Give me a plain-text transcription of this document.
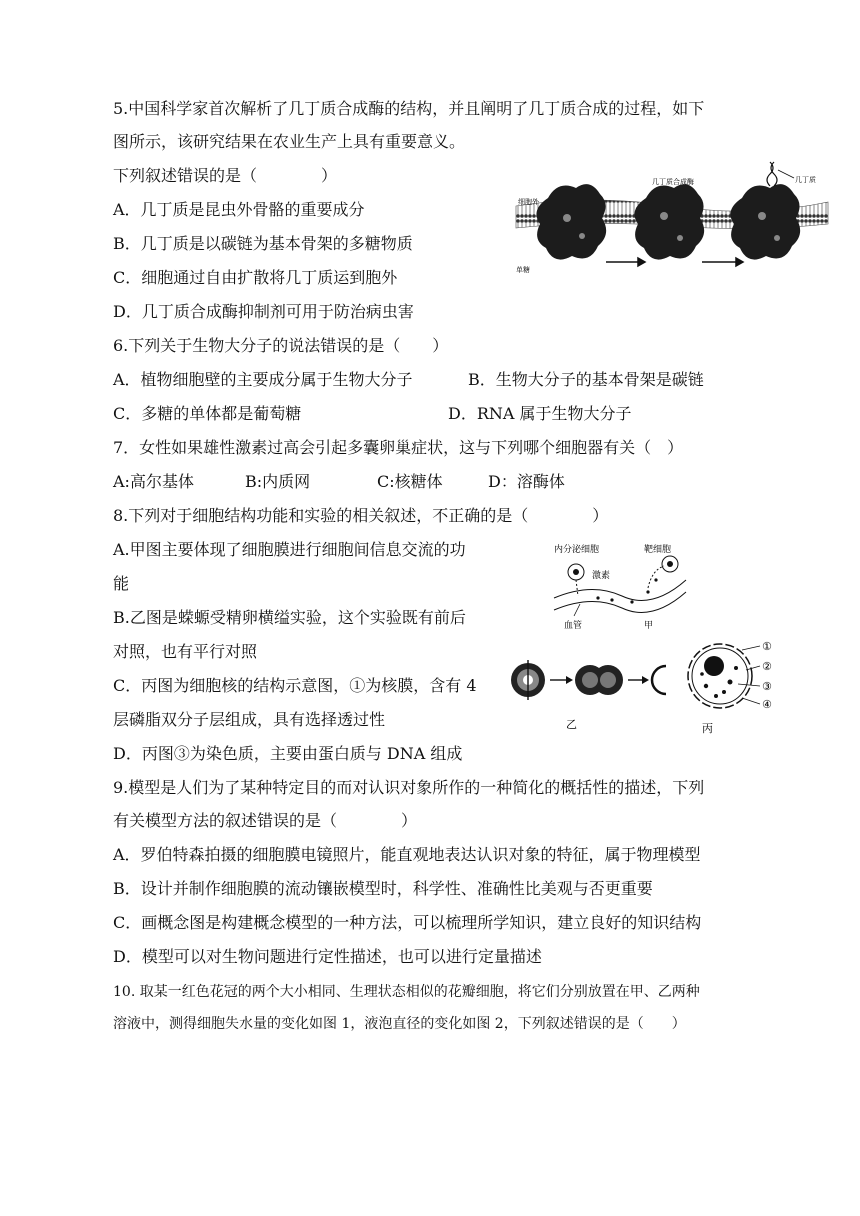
5.中国科学家首次解析了几丁质合成酶的结构，并且阐明了几丁质合成的过程，如下
图所示，该研究结果在农业生产上具有重要意义。
下列叙述错误的是（　　　　）
A．几丁质是昆虫外骨骼的重要成分
B．几丁质是以碳链为基本骨架的多糖物质
C．细胞通过自由扩散将几丁质运到胞外
D．几丁质合成酶抑制剂可用于防治病虫害
细胞外
几丁质合成酶	几丁质
单糖
6.下列关于生物大分子的说法错误的是（　　）
A．植物细胞壁的主要成分属于生物大分子	B．生物大分子的基本骨架是碳链
C．多糖的单体都是葡萄糖	D．RNA 属于生物大分子
7．女性如果雄性激素过高会引起多囊卵巢症状，这与下列哪个细胞器有关（　）
A:高尔基体	B:内质网	C:核糖体	D：溶酶体
8.下列对于细胞结构功能和实验的相关叙述，不正确的是（　　　　）
A.甲图主要体现了细胞膜进行细胞间信息交流的功
能
B.乙图是蝾螈受精卵横缢实验，这个实验既有前后
对照，也有平行对照
C．丙图为细胞核的结构示意图，①为核膜，含有 4
层磷脂双分子层组成，具有选择透过性
D．丙图③为染色质，主要由蛋白质与 DNA 组成
内分泌细胞	靶细胞
激素
血管	甲
乙
①
②
③
④
丙
9.模型是人们为了某种特定目的而对认识对象所作的一种简化的概括性的描述，下列
有关模型方法的叙述错误的是（　　　　）
A．罗伯特森拍摄的细胞膜电镜照片，能直观地表达认识对象的特征，属于物理模型
B．设计并制作细胞膜的流动镶嵌模型时，科学性、准确性比美观与否更重要
C．画概念图是构建概念模型的一种方法，可以梳理所学知识，建立良好的知识结构
D．模型可以对生物问题进行定性描述，也可以进行定量描述
10. 取某一红色花冠的两个大小相同、生理状态相似的花瓣细胞，将它们分别放置在甲、乙两种
溶液中，测得细胞失水量的变化如图 1，液泡直径的变化如图 2，下列叙述错误的是（　　）
